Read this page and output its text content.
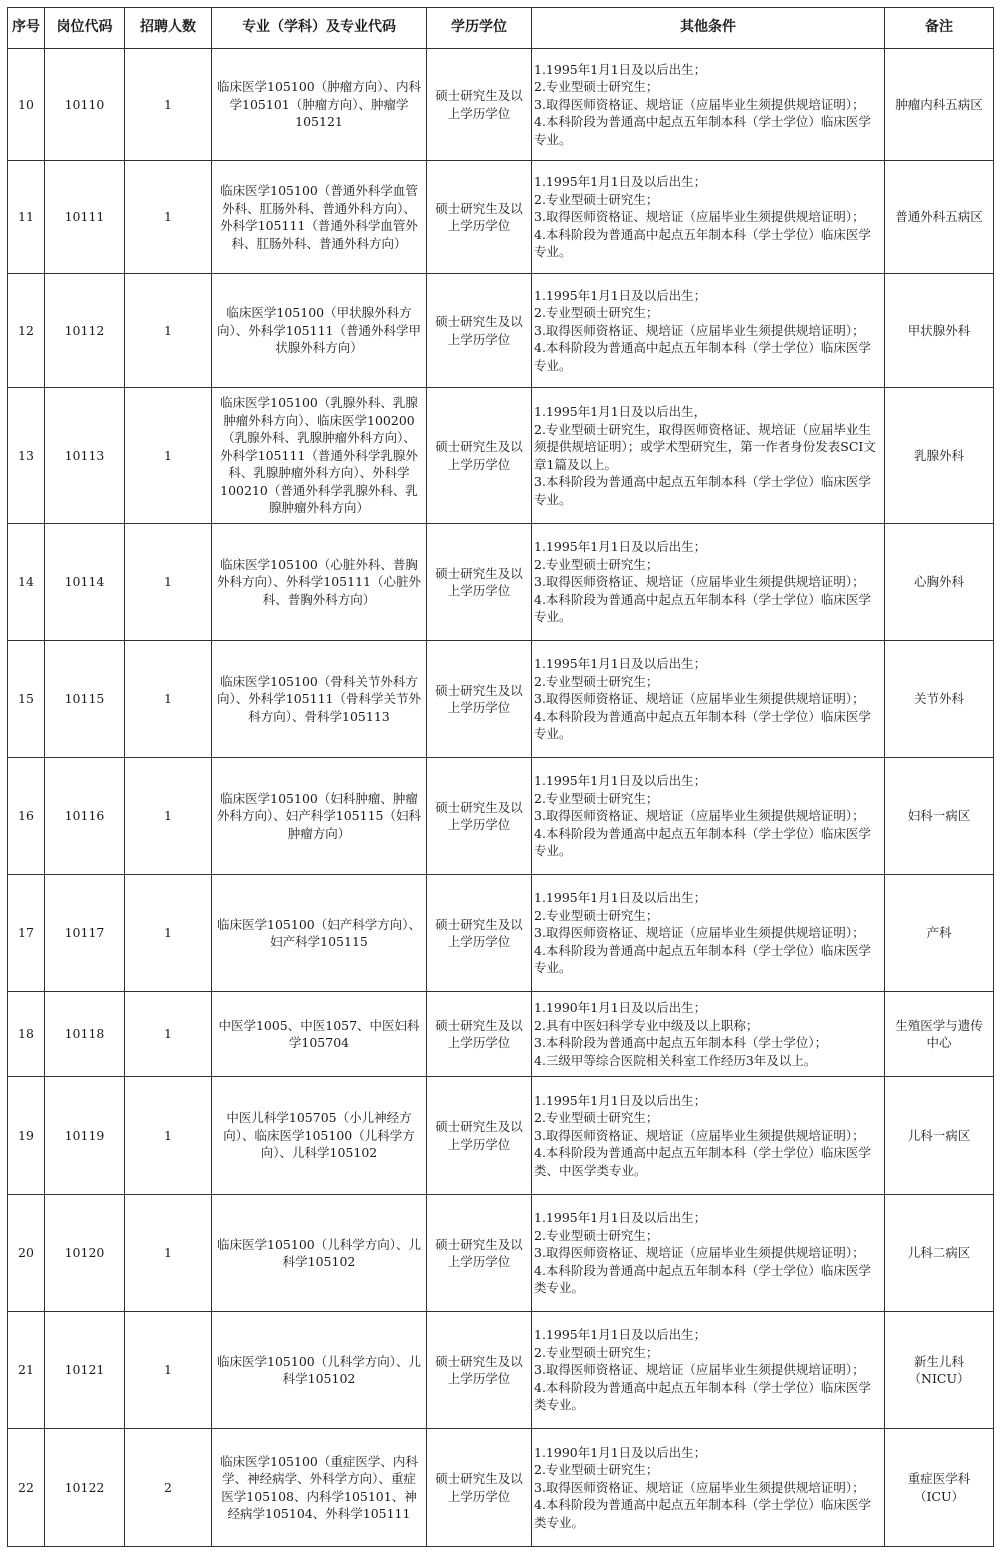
序号	岗位代码	招聘人数	专业（学科）及专业代码	学历学位	其他条件	备注
10	10110	1	临床医学105100（肿瘤方向）、内科学105101（肿瘤方向）、肿瘤学105121	硕士研究生及以上学历学位	1.1995年1月1日及以后出生；
2.专业型硕士研究生；
3.取得医师资格证、规培证（应届毕业生须提供规培证明）；
4.本科阶段为普通高中起点五年制本科（学士学位）临床医学专业。	肿瘤内科五病区
11	10111	1	临床医学105100（普通外科学血管外科、肛肠外科、普通外科方向）、外科学105111（普通外科学血管外科、肛肠外科、普通外科方向）	硕士研究生及以上学历学位	1.1995年1月1日及以后出生；
2.专业型硕士研究生；
3.取得医师资格证、规培证（应届毕业生须提供规培证明）；
4.本科阶段为普通高中起点五年制本科（学士学位）临床医学专业。	普通外科五病区
12	10112	1	临床医学105100（甲状腺外科方向）、外科学105111（普通外科学甲状腺外科方向）	硕士研究生及以上学历学位	1.1995年1月1日及以后出生；
2.专业型硕士研究生；
3.取得医师资格证、规培证（应届毕业生须提供规培证明）；
4.本科阶段为普通高中起点五年制本科（学士学位）临床医学专业。	甲状腺外科
13	10113	1	临床医学105100（乳腺外科、乳腺肿瘤外科方向）、临床医学100200（乳腺外科、乳腺肿瘤外科方向）、外科学105111（普通外科学乳腺外科、乳腺肿瘤外科方向）、外科学100210（普通外科学乳腺外科、乳腺肿瘤外科方向）	硕士研究生及以上学历学位	1.1995年1月1日及以后出生，
2.专业型硕士研究生，取得医师资格证、规培证（应届毕业生须提供规培证明）；或学术型研究生，第一作者身份发表SCI文章1篇及以上。
3.本科阶段为普通高中起点五年制本科（学士学位）临床医学专业。	乳腺外科
14	10114	1	临床医学105100（心脏外科、普胸外科方向）、外科学105111（心脏外科、普胸外科方向）	硕士研究生及以上学历学位	1.1995年1月1日及以后出生；
2.专业型硕士研究生；
3.取得医师资格证、规培证（应届毕业生须提供规培证明）；
4.本科阶段为普通高中起点五年制本科（学士学位）临床医学专业。	心胸外科
15	10115	1	临床医学105100（骨科关节外科方向）、外科学105111（骨科学关节外科方向）、骨科学105113	硕士研究生及以上学历学位	1.1995年1月1日及以后出生；
2.专业型硕士研究生；
3.取得医师资格证、规培证（应届毕业生须提供规培证明）；
4.本科阶段为普通高中起点五年制本科（学士学位）临床医学专业。	关节外科
16	10116	1	临床医学105100（妇科肿瘤、肿瘤外科方向）、妇产科学105115（妇科肿瘤方向）	硕士研究生及以上学历学位	1.1995年1月1日及以后出生；
2.专业型硕士研究生；
3.取得医师资格证、规培证（应届毕业生须提供规培证明）；
4.本科阶段为普通高中起点五年制本科（学士学位）临床医学专业。	妇科一病区
17	10117	1	临床医学105100（妇产科学方向）、妇产科学105115	硕士研究生及以上学历学位	1.1995年1月1日及以后出生；
2.专业型硕士研究生；
3.取得医师资格证、规培证（应届毕业生须提供规培证明）；
4.本科阶段为普通高中起点五年制本科（学士学位）临床医学专业。	产科
18	10118	1	中医学1005、中医1057、中医妇科学105704	硕士研究生及以上学历学位	1.1990年1月1日及以后出生；
2.具有中医妇科学专业中级及以上职称；
3.本科阶段为普通高中起点五年制本科（学士学位）；
4.三级甲等综合医院相关科室工作经历3年及以上。	生殖医学与遗传中心
19	10119	1	中医儿科学105705（小儿神经方向）、临床医学105100（儿科学方向）、儿科学105102	硕士研究生及以上学历学位	1.1995年1月1日及以后出生；
2.专业型硕士研究生；
3.取得医师资格证、规培证（应届毕业生须提供规培证明）；
4.本科阶段为普通高中起点五年制本科（学士学位）临床医学类、中医学类专业。	儿科一病区
20	10120	1	临床医学105100（儿科学方向）、儿科学105102	硕士研究生及以上学历学位	1.1995年1月1日及以后出生；
2.专业型硕士研究生；
3.取得医师资格证、规培证（应届毕业生须提供规培证明）；
4.本科阶段为普通高中起点五年制本科（学士学位）临床医学类专业。	儿科二病区
21	10121	1	临床医学105100（儿科学方向）、儿科学105102	硕士研究生及以上学历学位	1.1995年1月1日及以后出生；
2.专业型硕士研究生；
3.取得医师资格证、规培证（应届毕业生须提供规培证明）；
4.本科阶段为普通高中起点五年制本科（学士学位）临床医学类专业。	新生儿科（NICU）
22	10122	2	临床医学105100（重症医学、内科学、神经病学、外科学方向）、重症医学105108、内科学105101、神经病学105104、外科学105111	硕士研究生及以上学历学位	1.1990年1月1日及以后出生；
2.专业型硕士研究生；
3.取得医师资格证、规培证（应届毕业生须提供规培证明）；
4.本科阶段为普通高中起点五年制本科（学士学位）临床医学类专业。	重症医学科（ICU）
